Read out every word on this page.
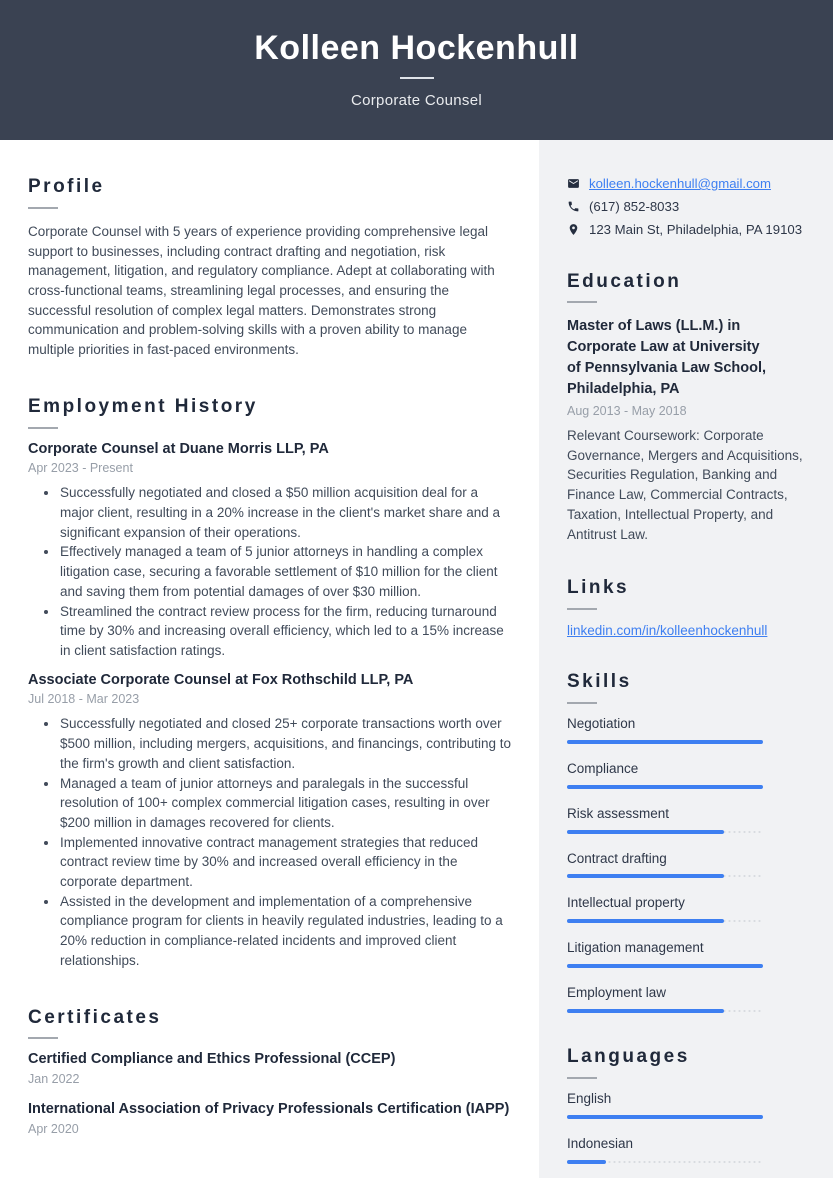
Kolleen Hockenhull
Corporate Counsel
Profile

Corporate Counsel with 5 years of experience providing comprehensive legal support to businesses, including contract drafting and negotiation, risk management, litigation, and regulatory compliance. Adept at collaborating with cross-functional teams, streamlining legal processes, and ensuring the successful resolution of complex legal matters. Demonstrates strong communication and problem-solving skills with a proven ability to manage multiple priorities in fast-paced environments.

Employment History
Corporate Counsel at Duane Morris LLP, PA
Apr 2023 - Present
• Successfully negotiated and closed a $50 million acquisition deal for a major client, resulting in a 20% increase in the client's market share and a significant expansion of their operations.
• Effectively managed a team of 5 junior attorneys in handling a complex litigation case, securing a favorable settlement of $10 million for the client and saving them from potential damages of over $30 million.
• Streamlined the contract review process for the firm, reducing turnaround time by 30% and increasing overall efficiency, which led to a 15% increase in client satisfaction ratings.
Associate Corporate Counsel at Fox Rothschild LLP, PA
Jul 2018 - Mar 2023
• Successfully negotiated and closed 25+ corporate transactions worth over $500 million, including mergers, acquisitions, and financings, contributing to the firm's growth and client satisfaction.
• Managed a team of junior attorneys and paralegals in the successful resolution of 100+ complex commercial litigation cases, resulting in over $200 million in damages recovered for clients.
• Implemented innovative contract management strategies that reduced contract review time by 30% and increased overall efficiency in the corporate department.
• Assisted in the development and implementation of a comprehensive compliance program for clients in heavily regulated industries, leading to a 20% reduction in compliance-related incidents and improved client relationships.
Certificates
Certified Compliance and Ethics Professional (CCEP)
Jan 2022
International Association of Privacy Professionals Certification (IAPP)
Apr 2020
kolleen.hockenhull@gmail.com
(617) 852-8033
123 Main St, Philadelphia, PA 19103
Education
Master of Laws (LL.M.) in Corporate Law at University of Pennsylvania Law School, Philadelphia, PA
Aug 2013 - May 2018
Relevant Coursework: Corporate Governance, Mergers and Acquisitions, Securities Regulation, Banking and Finance Law, Commercial Contracts, Taxation, Intellectual Property, and Antitrust Law.
Links
linkedin.com/in/kolleenhockenhull
Skills
Negotiation
Compliance
Risk assessment
Contract drafting
Intellectual property
Litigation management
Employment law
Languages
English
Indonesian
